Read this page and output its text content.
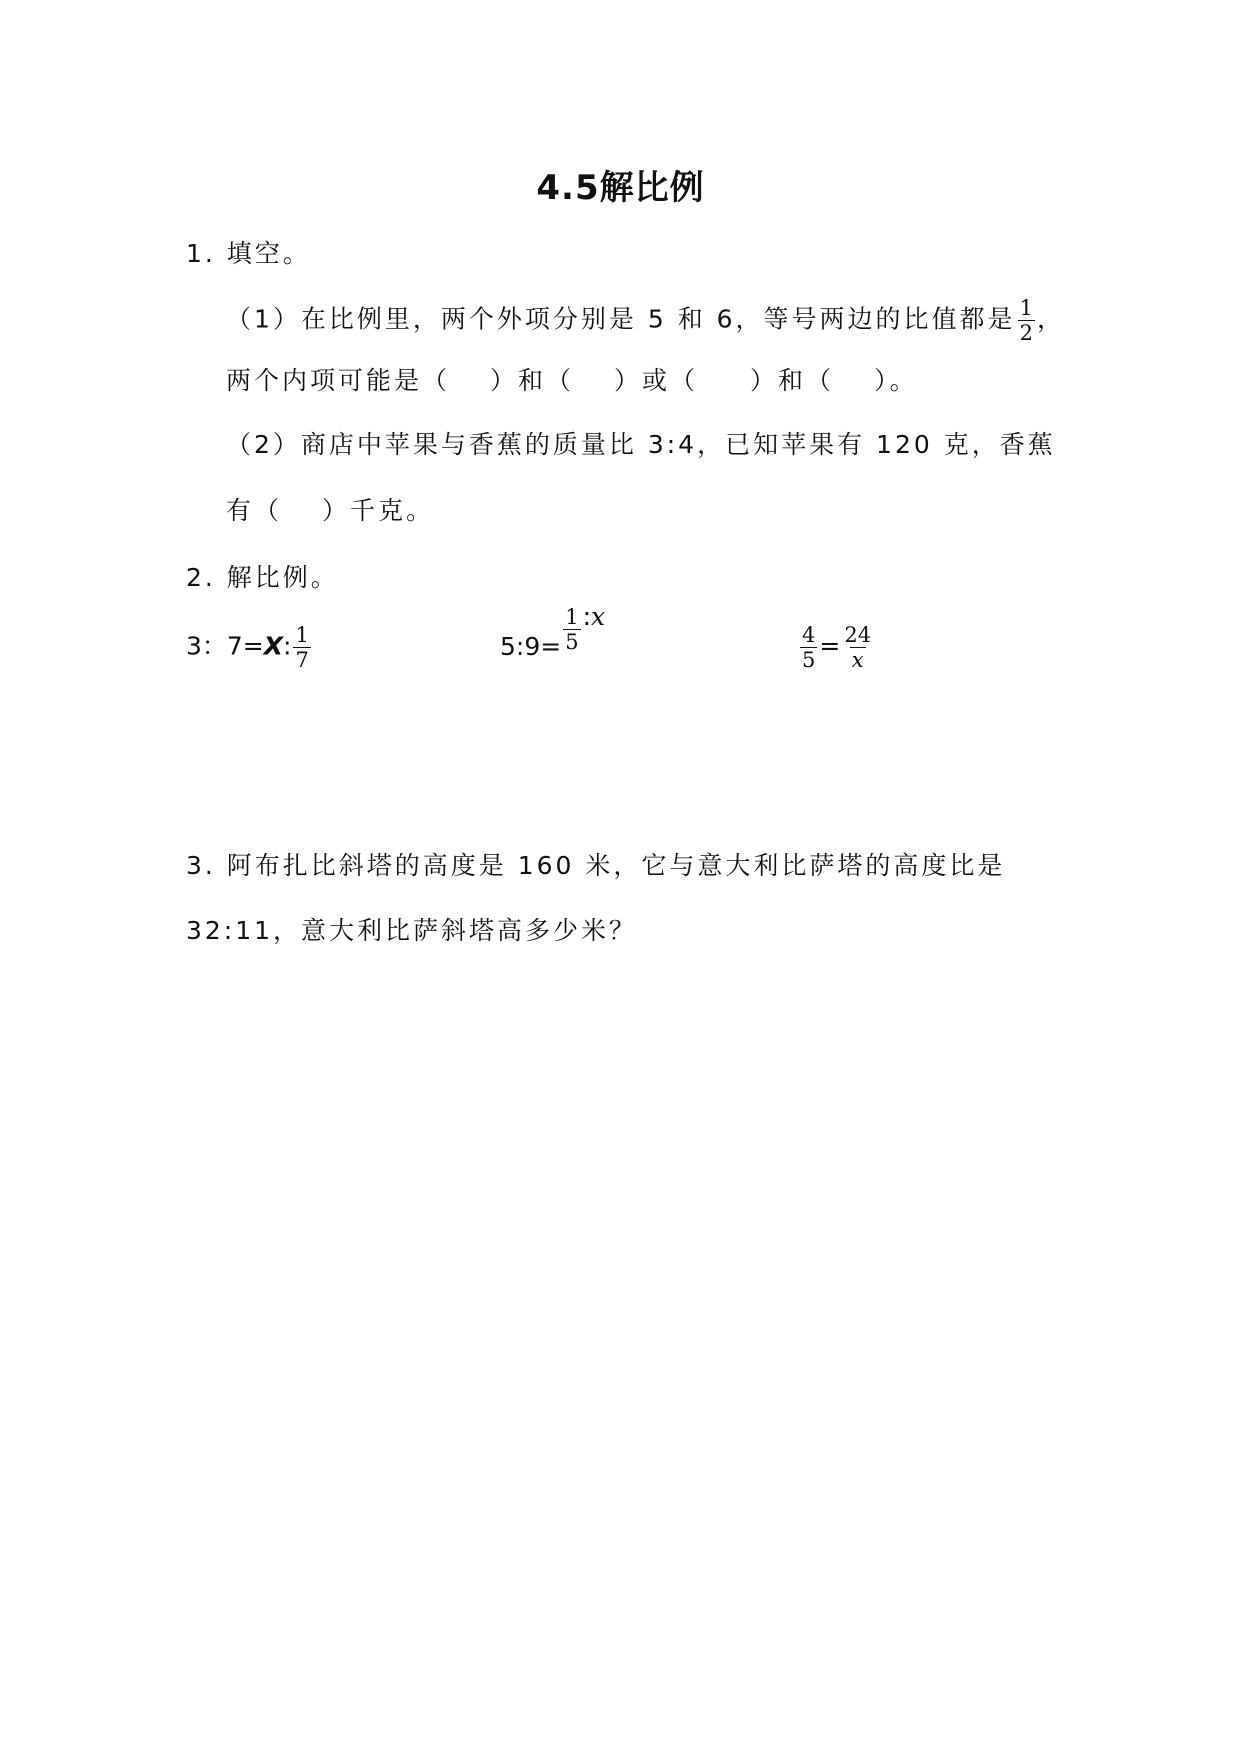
4.5解比例
1. 填空。
（1）在比例里，两个外项分别是 5 和 6，等号两边的比值都是 $\frac{1}{2}$ ，
两个内项可能是（ ）和（ ）或（ ）和（ ）。
（2）商店中苹果与香蕉的质量比 3:4，已知苹果有 120 克，香蕉
有（ ）千克。
2. 解比例。
3：7=X: $\frac{1}{7}$	5:9= $\frac{1}{5}$ :x
$\frac{4}{5} = \frac{24}{x}$
3. 阿布扎比斜塔的高度是 160 米，它与意大利比萨塔的高度比是
32:11，意大利比萨斜塔高多少米？
